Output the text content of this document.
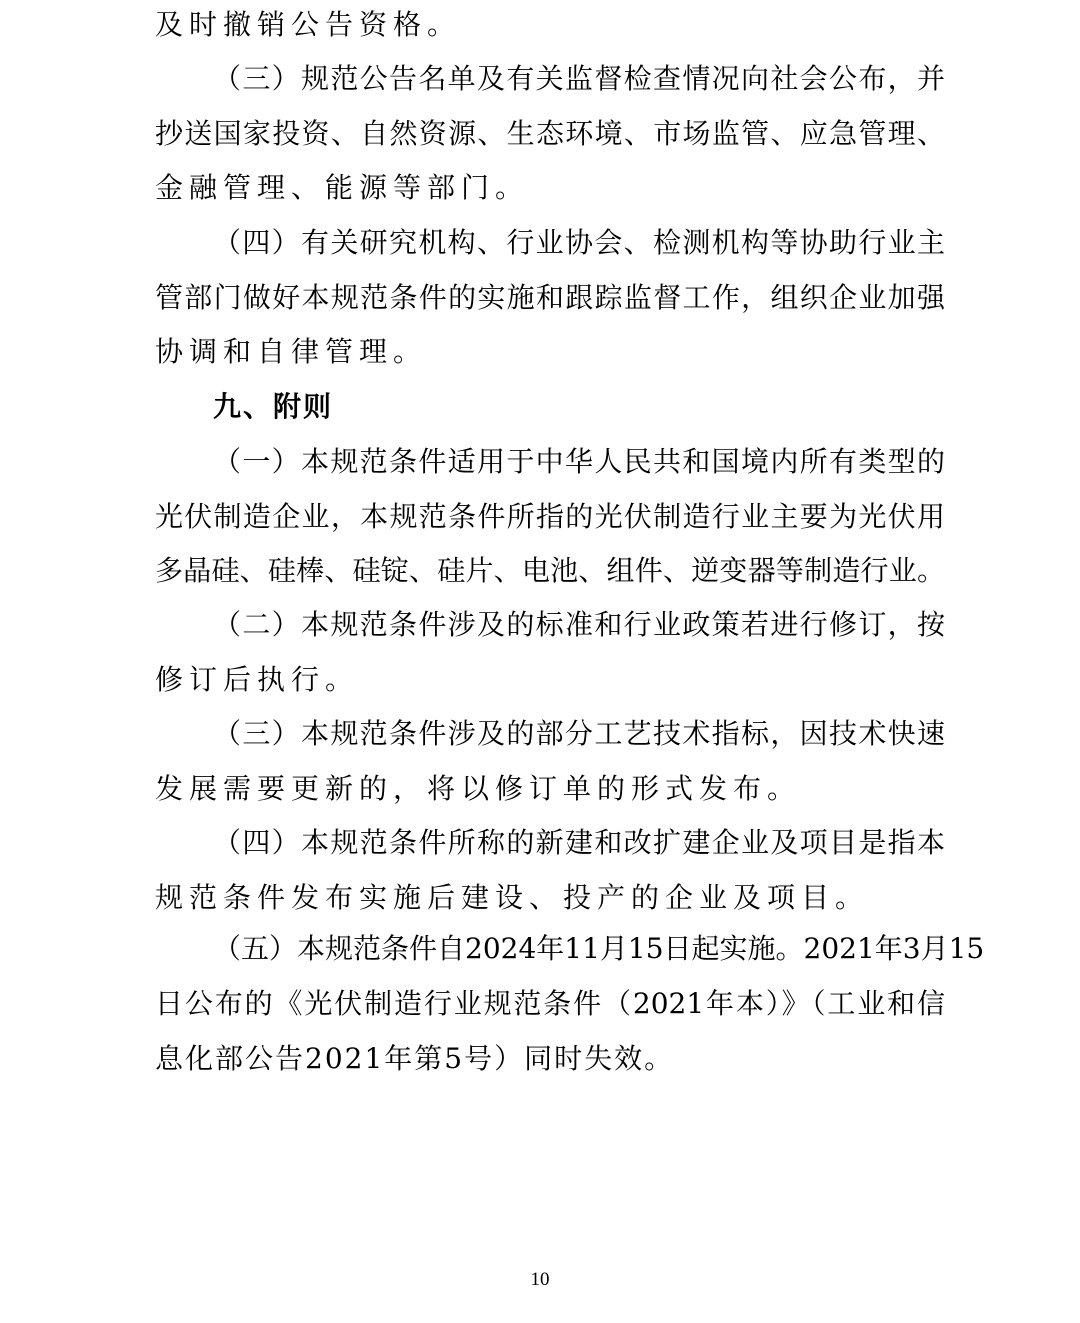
及时撤销公告资格。
（三）规范公告名单及有关监督检查情况向社会公布，并
抄送国家投资、自然资源、生态环境、市场监管、应急管理、
金融管理、能源等部门。
（四）有关研究机构、行业协会、检测机构等协助行业主
管部门做好本规范条件的实施和跟踪监督工作，组织企业加强
协调和自律管理。
九、附则
（一）本规范条件适用于中华人民共和国境内所有类型的
光伏制造企业，本规范条件所指的光伏制造行业主要为光伏用
多晶硅、硅棒、硅锭、硅片、电池、组件、逆变器等制造行业。
（二）本规范条件涉及的标准和行业政策若进行修订，按
修订后执行。
（三）本规范条件涉及的部分工艺技术指标，因技术快速
发展需要更新的，将以修订单的形式发布。
（四）本规范条件所称的新建和改扩建企业及项目是指本
规范条件发布实施后建设、投产的企业及项目。
（五）本规范条件自2024年11月15日起实施。2021年3月15
日公布的《光伏制造行业规范条件（2021年本）》（工业和信
息化部公告2021年第5号）同时失效。
10
